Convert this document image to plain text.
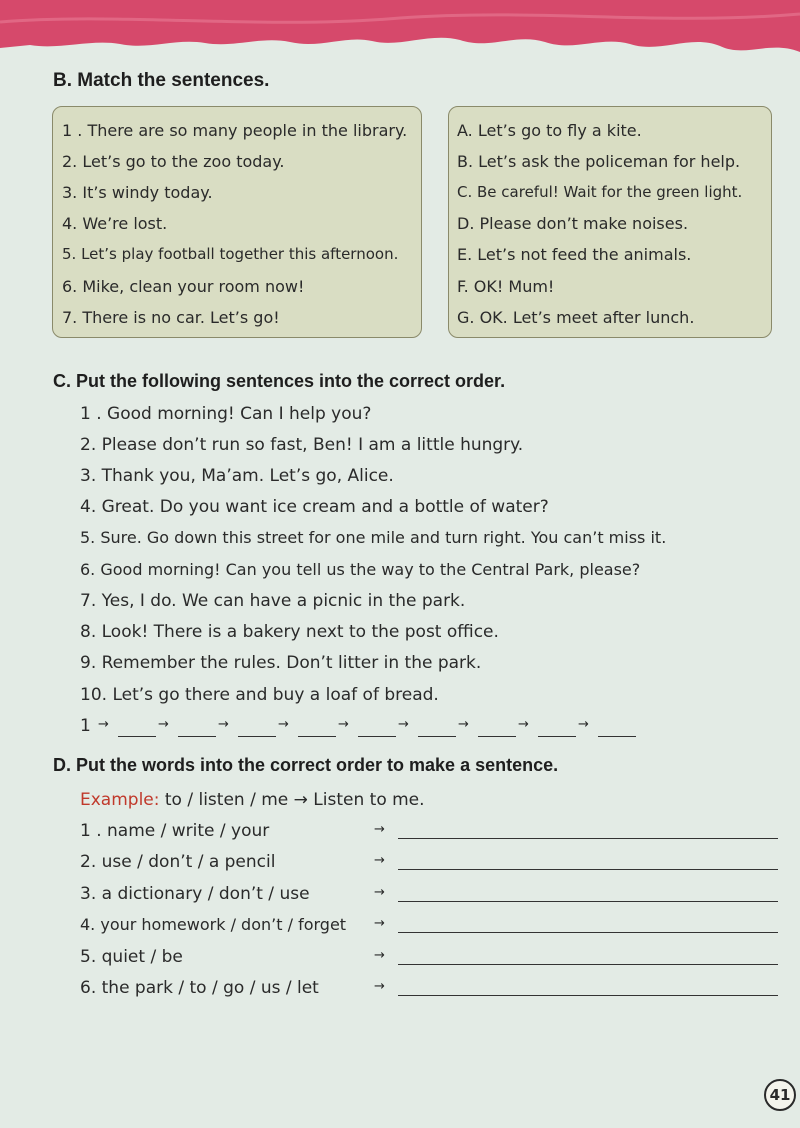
B. Match the sentences.
1 . There are so many people in the library.
2. Let’s go to the zoo today.
3. It’s windy today.
4. We’re lost.
5. Let’s play football together this afternoon.
6. Mike, clean your room now!
7. There is no car. Let’s go!
A. Let’s go to fly a kite.
B. Let’s ask the policeman for help.
C. Be careful! Wait for the green light.
D. Please don’t make noises.
E. Let’s not feed the animals.
F. OK! Mum!
G. OK. Let’s meet after lunch.
C. Put the following sentences into the correct order.
1 . Good morning! Can I help you?
2. Please don’t run so fast, Ben! I am a little hungry.
3. Thank you, Ma’am. Let’s go, Alice.
4. Great. Do you want ice cream and a bottle of water?
5. Sure. Go down this street for one mile and turn right. You can’t miss it.
6. Good morning! Can you tell us the way to the Central Park, please?
7. Yes, I do. We can have a picnic in the park.
8. Look! There is a bakery next to the post office.
9. Remember the rules. Don’t litter in the park.
10. Let’s go there and buy a loaf of bread.
1 →	→	→	→	→	→	→	→	→
D. Put the words into the correct order to make a sentence.
Example: to / listen / me → Listen to me.
1 . name / write / your
2. use / don’t / a pencil
3. a dictionary / don’t / use
4. your homework / don’t / forget
5. quiet / be
6. the park / to / go / us / let
→
→
→
→
→
→
41
